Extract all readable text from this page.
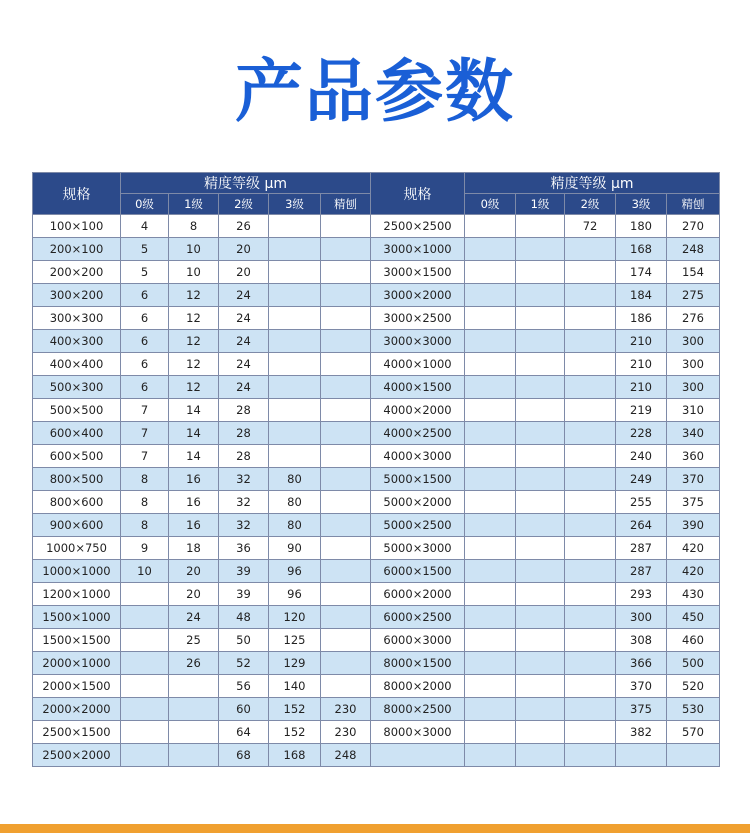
产品参数
规格	精度等级 μm					规格	精度等级 μm				
	0级	1级	2级	3级	精刨		0级	1级	2级	3级	精刨
100×100	4	8	26			2500×2500			72	180	270
200×100	5	10	20			3000×1000				168	248
200×200	5	10	20			3000×1500				174	154
300×200	6	12	24			3000×2000				184	275
300×300	6	12	24			3000×2500				186	276
400×300	6	12	24			3000×3000				210	300
400×400	6	12	24			4000×1000				210	300
500×300	6	12	24			4000×1500				210	300
500×500	7	14	28			4000×2000				219	310
600×400	7	14	28			4000×2500				228	340
600×500	7	14	28			4000×3000				240	360
800×500	8	16	32	80		5000×1500				249	370
800×600	8	16	32	80		5000×2000				255	375
900×600	8	16	32	80		5000×2500				264	390
1000×750	9	18	36	90		5000×3000				287	420
1000×1000	10	20	39	96		6000×1500				287	420
1200×1000		20	39	96		6000×2000				293	430
1500×1000		24	48	120		6000×2500				300	450
1500×1500		25	50	125		6000×3000				308	460
2000×1000		26	52	129		8000×1500				366	500
2000×1500			56	140		8000×2000				370	520
2000×2000			60	152	230	8000×2500				375	530
2500×1500			64	152	230	8000×3000				382	570
2500×2000			68	168	248						
